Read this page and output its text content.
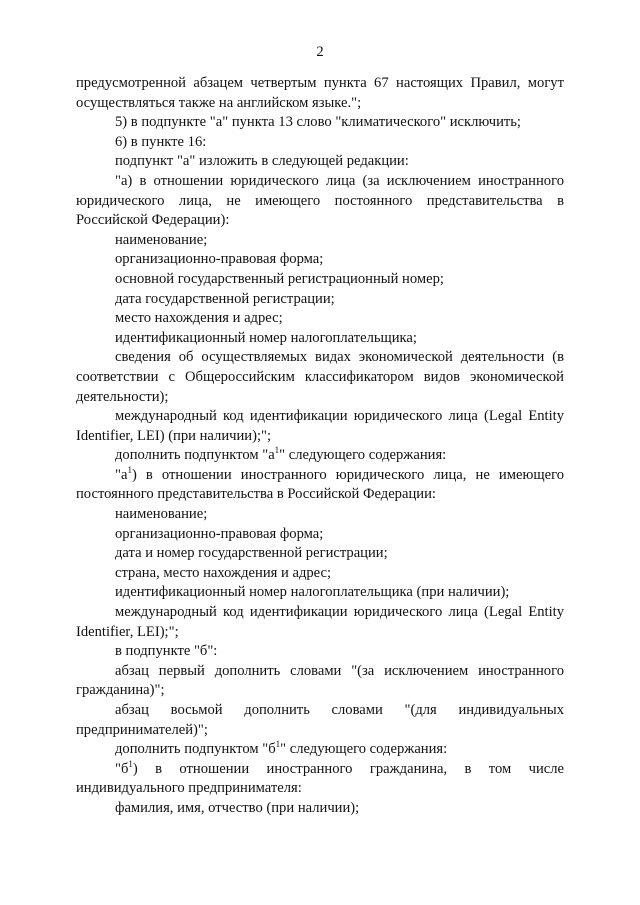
2

предусмотренной абзацем четвертым пункта 67 настоящих Правил, могут осуществляться также на английском языке.";

5) в подпункте "а" пункта 13 слово "климатического" исключить;

6) в пункте 16:

подпункт "а" изложить в следующей редакции:

"а) в отношении юридического лица (за исключением иностранного юридического лица, не имеющего постоянного представительства в Российской Федерации):

наименование;

организационно-правовая форма;

основной государственный регистрационный номер;

дата государственной регистрации;

место нахождения и адрес;

идентификационный номер налогоплательщика;

сведения об осуществляемых видах экономической деятельности (в соответствии с Общероссийским классификатором видов экономической деятельности);

международный код идентификации юридического лица (Legal Entity Identifier, LEI) (при наличии);";

дополнить подпунктом "$а^1$" следующего содержания:

"$а^1$) в отношении иностранного юридического лица, не имеющего постоянного представительства в Российской Федерации:

наименование;

организационно-правовая форма;

дата и номер государственной регистрации;

страна, место нахождения и адрес;

идентификационный номер налогоплательщика (при наличии);

международный код идентификации юридического лица (Legal Entity Identifier, LEI);";

в подпункте "б":

абзац первый дополнить словами "(за исключением иностранного гражданина)";

абзац восьмой дополнить словами "(для индивидуальных предпринимателей)";

дополнить подпунктом "$б^1$" следующего содержания:

"$б^1$) в отношении иностранного гражданина, в том числе индивидуального предпринимателя:

фамилия, имя, отчество (при наличии);
